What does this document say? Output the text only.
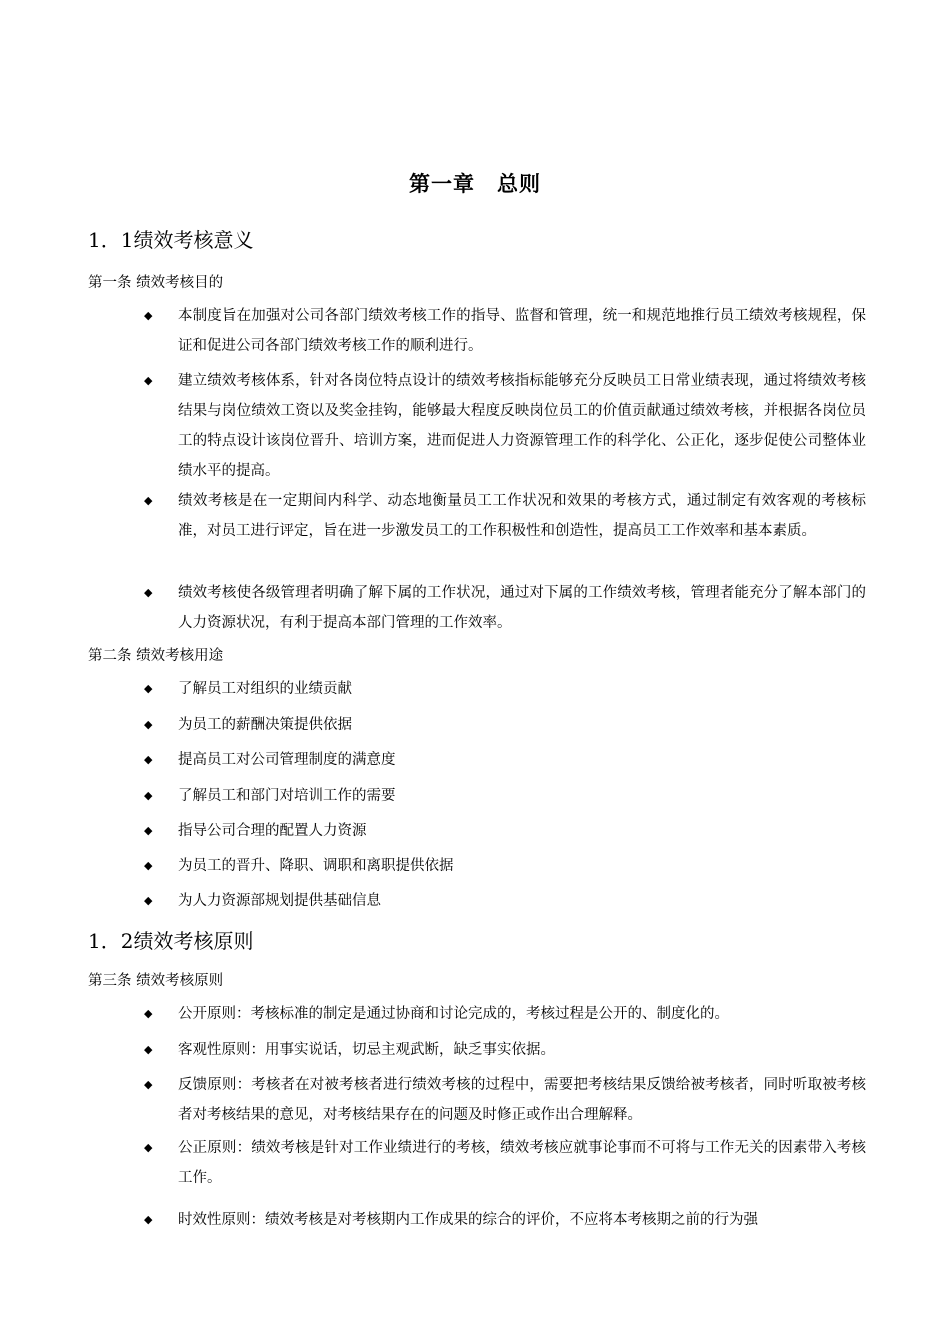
第一章　总则
1．1绩效考核意义
第一条 绩效考核目的
◆ 本制度旨在加强对公司各部门绩效考核工作的指导、监督和管理，统一和规范地推行员工绩效考核规程，保证和促进公司各部门绩效考核工作的顺利进行。
◆ 建立绩效考核体系，针对各岗位特点设计的绩效考核指标能够充分反映员工日常业绩表现，通过将绩效考核结果与岗位绩效工资以及奖金挂钩，能够最大程度反映岗位员工的价值贡献通过绩效考核，并根据各岗位员工的特点设计该岗位晋升、培训方案，进而促进人力资源管理工作的科学化、公正化，逐步促使公司整体业绩水平的提高。
◆ 绩效考核是在一定期间内科学、动态地衡量员工工作状况和效果的考核方式，通过制定有效客观的考核标准，对员工进行评定，旨在进一步激发员工的工作积极性和创造性，提高员工工作效率和基本素质。
◆ 绩效考核使各级管理者明确了解下属的工作状况，通过对下属的工作绩效考核，管理者能充分了解本部门的人力资源状况，有利于提高本部门管理的工作效率。
第二条 绩效考核用途
◆ 了解员工对组织的业绩贡献
◆ 为员工的薪酬决策提供依据
◆ 提高员工对公司管理制度的满意度
◆ 了解员工和部门对培训工作的需要
◆ 指导公司合理的配置人力资源
◆ 为员工的晋升、降职、调职和离职提供依据
◆ 为人力资源部规划提供基础信息
1．2绩效考核原则
第三条 绩效考核原则
◆ 公开原则：考核标准的制定是通过协商和讨论完成的，考核过程是公开的、制度化的。
◆ 客观性原则：用事实说话，切忌主观武断，缺乏事实依据。
◆ 反馈原则：考核者在对被考核者进行绩效考核的过程中，需要把考核结果反馈给被考核者，同时听取被考核者对考核结果的意见，对考核结果存在的问题及时修正或作出合理解释。
◆ 公正原则：绩效考核是针对工作业绩进行的考核，绩效考核应就事论事而不可将与工作无关的因素带入考核工作。
◆ 时效性原则：绩效考核是对考核期内工作成果的综合的评价，不应将本考核期之前的行为强
